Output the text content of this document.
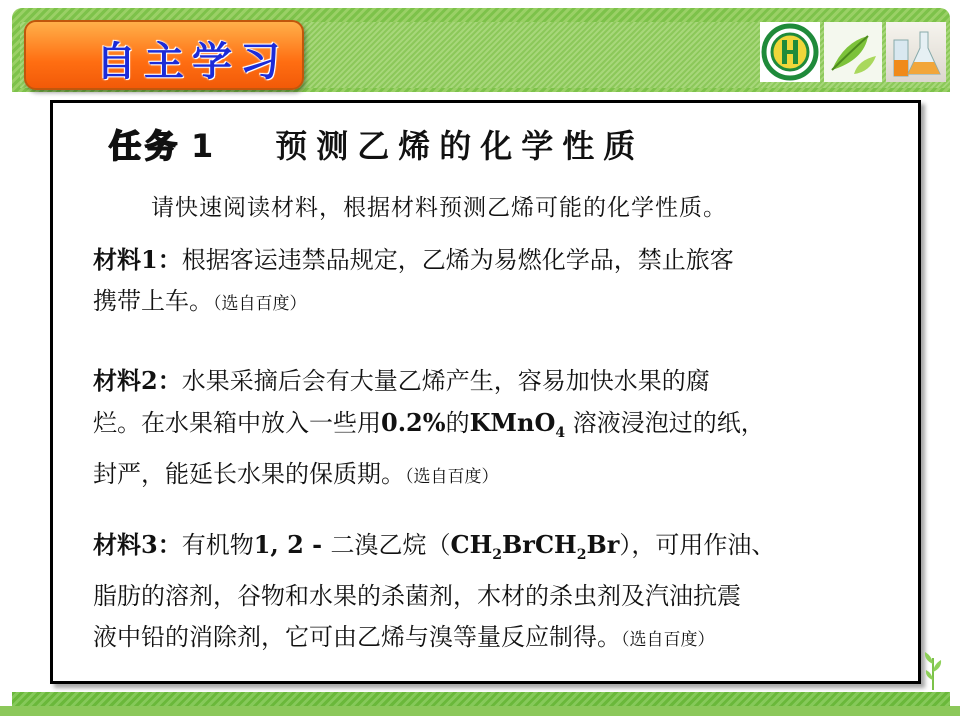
自主学习
任务 1 预测乙烯的化学性质
请快速阅读材料，根据材料预测乙烯可能的化学性质。
材料1：根据客运违禁品规定，乙烯为易燃化学品，禁止旅客
携带上车。（选自百度）
材料2：水果采摘后会有大量乙烯产生，容易加快水果的腐
烂。在水果箱中放入一些用0.2%的KMnO$_4$ 溶液浸泡过的纸，
封严，能延长水果的保质期。（选自百度）
材料3：有机物1, 2 - 二溴乙烷$(CH_2BrCH_2Br)$，可用作油、
脂肪的溶剂，谷物和水果的杀菌剂，木材的杀虫剂及汽油抗震
液中铅的消除剂，它可由乙烯与溴等量反应制得。（选自百度）
